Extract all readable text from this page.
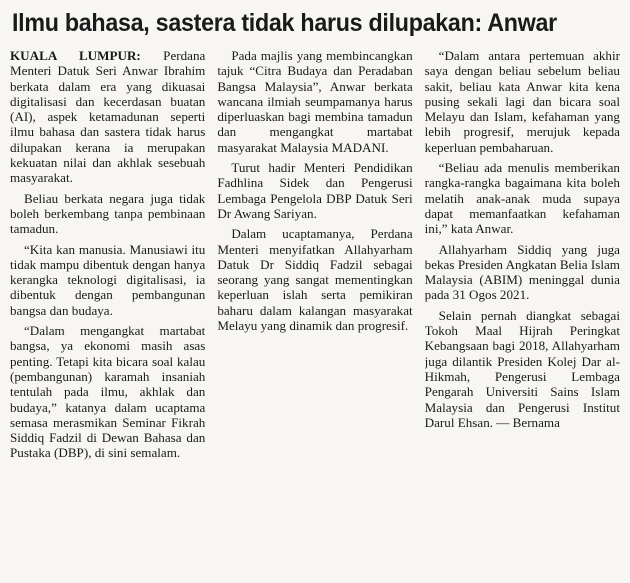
Ilmu bahasa, sastera tidak harus dilupakan: Anwar

KUALA LUMPUR: Perdana Menteri Datuk Seri Anwar Ibrahim berkata dalam era yang dikuasai digitalisasi dan kecerdasan buatan (AI), aspek ketamadunan seperti ilmu bahasa dan sastera tidak harus dilupakan kerana ia merupakan kekuatan nilai dan akhlak sesebuah masyarakat.

Beliau berkata negara juga tidak boleh berkembang tanpa pembinaan tamadun.

“Kita kan manusia. Manusiawi itu tidak mampu dibentuk dengan hanya kerangka teknologi digitalisasi, ia dibentuk dengan pembangunan bangsa dan budaya.

“Dalam mengangkat martabat bangsa, ya ekonomi masih asas penting. Tetapi kita bicara soal kalau (pembangunan) karamah insaniah tentulah pada ilmu, akhlak dan budaya,” katanya dalam ucaptama semasa merasmikan Seminar Fikrah Siddiq Fadzil di Dewan Bahasa dan Pustaka (DBP), di sini semalam.

Pada majlis yang membincangkan tajuk “Citra Budaya dan Peradaban Bangsa Malaysia”, Anwar berkata wancana ilmiah seumpamanya harus diperluaskan bagi membina tamadun dan mengangkat martabat masyarakat Malaysia MADANI.

Turut hadir Menteri Pendidikan Fadhlina Sidek dan Pengerusi Lembaga Pengelola DBP Datuk Seri Dr Awang Sariyan.

Dalam ucaptamanya, Perdana Menteri menyifatkan Allahyarham Datuk Dr Siddiq Fadzil sebagai seorang yang sangat mementingkan keperluan islah serta pemikiran baharu dalam kalangan masyarakat Melayu yang dinamik dan progresif.

“Dalam antara pertemuan akhir saya dengan beliau sebelum beliau sakit, beliau kata Anwar kita kena pusing sekali lagi dan bicara soal Melayu dan Islam, kefahaman yang lebih progresif, merujuk kepada keperluan pembaharuan.

“Beliau ada menulis memberikan rangka-rangka bagaimana kita boleh melatih anak-anak muda supaya dapat memanfaatkan kefahaman ini,” kata Anwar.

Allahyarham Siddiq yang juga bekas Presiden Angkatan Belia Islam Malaysia (ABIM) meninggal dunia pada 31 Ogos 2021.

Selain pernah diangkat sebagai Tokoh Maal Hijrah Peringkat Kebangsaan bagi 2018, Allahyarham juga dilantik Presiden Kolej Dar al-Hikmah, Pengerusi Lembaga Pengarah Universiti Sains Islam Malaysia dan Pengerusi Institut Darul Ehsan. — Bernama
